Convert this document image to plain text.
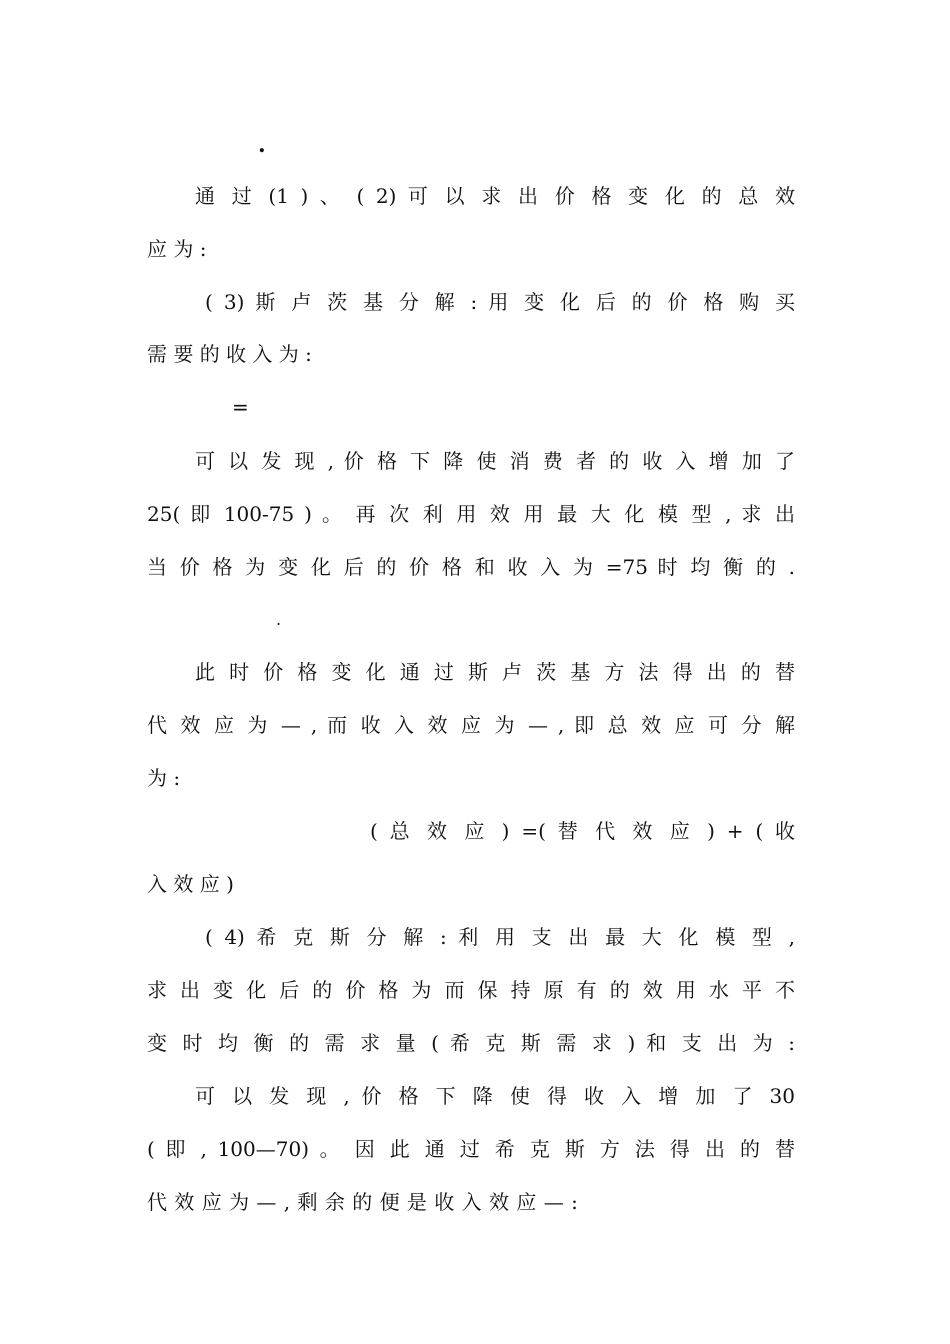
.
通 过 (1 ) 、 ( 2) 可 以 求 出 价 格 变 化 的 总 效
应 为 :
( 3) 斯 卢 茨 基 分 解 : 用 变 化 后 的 价 格 购 买
需 要 的 收 入 为 :
=
可 以 发 现 , 价 格 下 降 使 消 费 者 的 收 入 增 加 了
25( 即 100-75 ) 。 再 次 利 用 效 用 最 大 化 模 型 , 求 出
当 价 格 为 变 化 后 的 价 格 和 收 入 为 =75 时 均 衡 的 .
.
此 时 价 格 变 化 通 过 斯 卢 茨 基 方 法 得 出 的 替
代 效 应 为 — , 而 收 入 效 应 为 — , 即 总 效 应 可 分 解
为 :
( 总 效 应 ) =( 替 代 效 应 ) + ( 收
入 效 应 )
( 4) 希 克 斯 分 解 : 利 用 支 出 最 大 化 模 型 ,
求 出 变 化 后 的 价 格 为 而 保 持 原 有 的 效 用 水 平 不
变 时 均 衡 的 需 求 量 ( 希 克 斯 需 求 ) 和 支 出 为 :
可 以 发 现 , 价 格 下 降 使 得 收 入 增 加 了 30
( 即 , 100—70) 。 因 此 通 过 希 克 斯 方 法 得 出 的 替
代 效 应 为 — , 剩 余 的 便 是 收 入 效 应 — :
